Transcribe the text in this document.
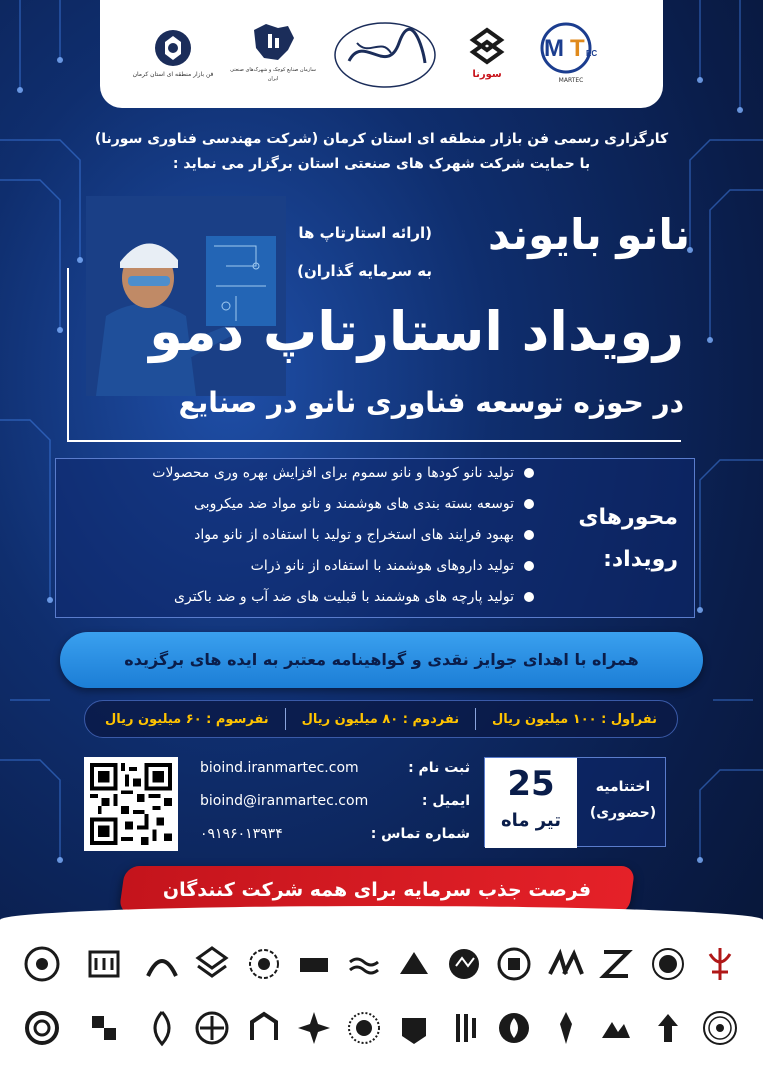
M T EC
MARTEC
سورنا
سازمان صنایع کوچک و شهرک‌های صنعتی ایران
فن بازار منطقه ای استان کرمان
کارگزاری رسمی فن بازار منطقه ای استان کرمان (شرکت مهندسی فناوری سورنا)
با حمایت شرکت شهرک های صنعتی استان برگزار می نماید :
نانو بایوند
(ارائه استارتاپ ها
به سرمایه گذاران)
رویداد استارتاپ دمو
در حوزه توسعه فناوری نانو در صنایع
محورهای رویداد:
تولید نانو کودها و نانو سموم برای افزایش بهره وری محصولات
توسعه بسته بندی های هوشمند و نانو مواد ضد میکروبی
بهبود فرایند های استخراج و تولید با استفاده از نانو مواد
تولید داروهای هوشمند با استفاده از نانو ذرات
تولید پارچه های هوشمند با قبلیت های ضد آب و ضد باکتری
همراه با اهدای جوایز نقدی و گواهینامه معتبر به ایده های برگزیده
نفراول : ۱۰۰ میلیون ریال
نفردوم : ۸۰ میلیون ریال
نفرسوم : ۶۰ میلیون ریال
bioind.iranmartec.com	ثبت نام :
bioind@iranmartec.com	ایمیل :
۰۹۱۹۶۰۱۳۹۳۴	شماره تماس :
25
تیر ماه
اختتامیه
(حضوری)
فرصت جذب سرمایه برای همه شرکت کنندگان
